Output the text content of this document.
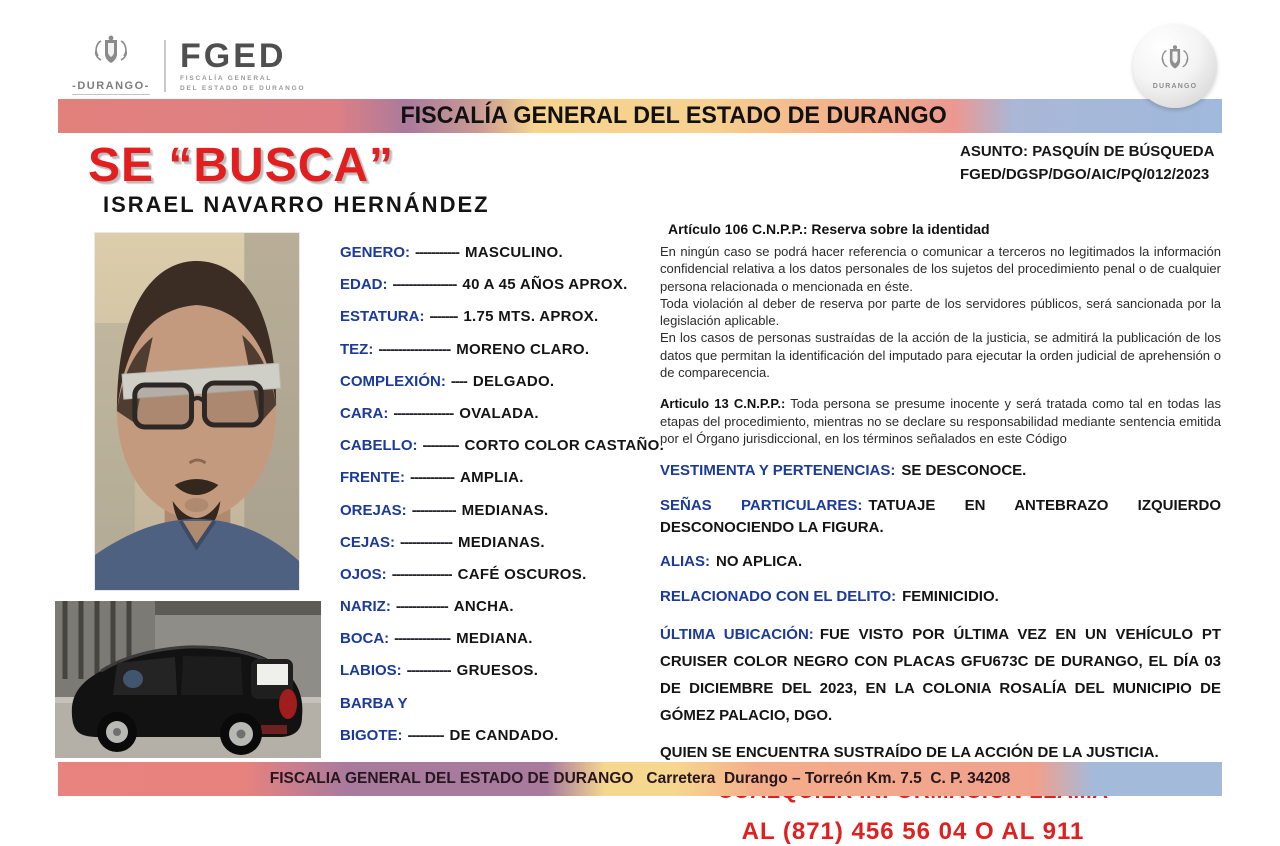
-DURANGO-
FGED
FISCALÍA GENERAL
DEL ESTADO DE DURANGO	DURANGO
FISCALÍA GENERAL DEL ESTADO DE DURANGO
ASUNTO: PASQUÍN DE BÚSQUEDA
FGED/DGSP/DGO/AIC/PQ/012/2023
SE “BUSCA”
ISRAEL NAVARRO HERNÁNDEZ
GENERO: ----------- MASCULINO.
EDAD: ---------------- 40 A 45 AÑOS APROX.
ESTATURA: ------- 1.75 MTS. APROX.
TEZ: ------------------ MORENO CLARO.
COMPLEXIÓN: ---- DELGADO.
CARA: --------------- OVALADA.
CABELLO: --------- CORTO COLOR CASTAÑO.
FRENTE: ----------- AMPLIA.
OREJAS: ----------- MEDIANAS.
CEJAS: ------------- MEDIANAS.
OJOS: --------------- CAFÉ OSCUROS.
NARIZ: ------------- ANCHA.
BOCA: -------------- MEDIANA.
LABIOS: ----------- GRUESOS.
BARBA Y
BIGOTE: --------- DE CANDADO.

Artículo 106 C.N.P.P.: Reserva sobre la identidad

En ningún caso se podrá hacer referencia o comunicar a terceros no legitimados la información confidencial relativa a los datos personales de los sujetos del procedimiento penal o de cualquier persona relacionada o mencionada en éste.

Toda violación al deber de reserva por parte de los servidores públicos, será sancionada por la legislación aplicable.

En los casos de personas sustraídas de la acción de la justicia, se admitirá la publicación de los datos que permitan la identificación del imputado para ejecutar la orden judicial de aprehensión o de comparecencia.

Articulo 13 C.N.P.P.: Toda persona se presume inocente y será tratada como tal en todas las etapas del procedimiento, mientras no se declare su responsabilidad mediante sentencia emitida por el Órgano jurisdiccional, en los términos señalados en este Código

VESTIMENTA Y PERTENENCIAS: SE DESCONOCE.

SEÑAS PARTICULARES: TATUAJE EN ANTEBRAZO IZQUIERDO DESCONOCIENDO LA FIGURA.

ALIAS: NO APLICA.

RELACIONADO CON EL DELITO: FEMINICIDIO.

ÚLTIMA UBICACIÓN: FUE VISTO POR ÚLTIMA VEZ EN UN VEHÍCULO PT CRUISER COLOR NEGRO CON PLACAS GFU673C DE DURANGO, EL DÍA 03 DE DICIEMBRE DEL 2023, EN LA COLONIA ROSALÍA DEL MUNICIPIO DE GÓMEZ PALACIO, DGO.

QUIEN SE ENCUENTRA SUSTRAÍDO DE LA ACCIÓN DE LA JUSTICIA.

AL (871) 456 56 04 O AL 911
FISCALIA GENERAL DEL ESTADO DE DURANGO   Carretera  Durango – Torreón Km. 7.5  C. P. 34208
